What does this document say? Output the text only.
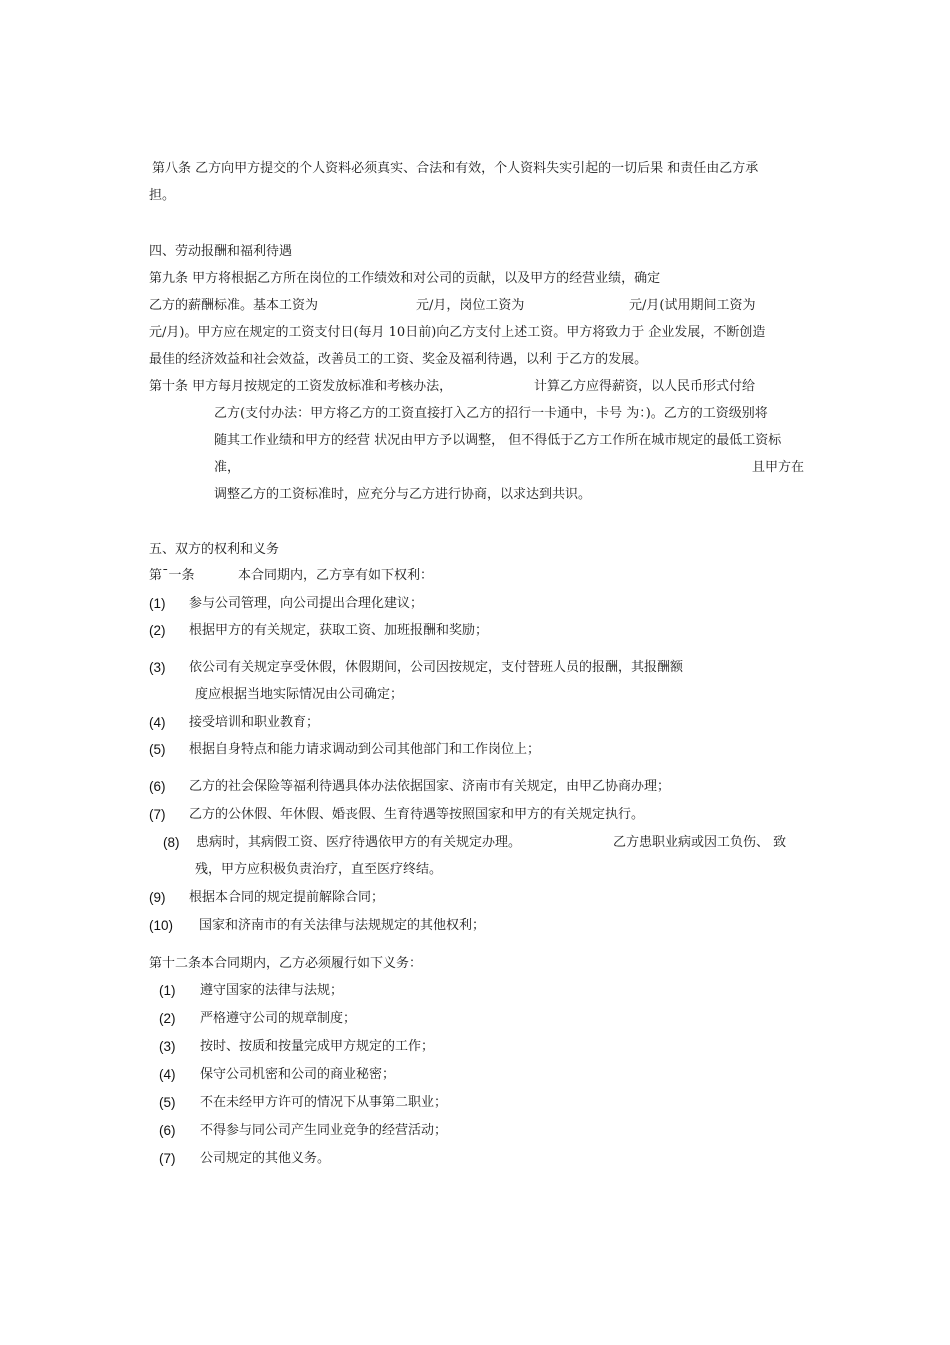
第八条 乙方向甲方提交的个人资料必须真实、合法和有效，个人资料失实引起的一切后果 和责任由乙方承
担。
四、劳动报酬和福利待遇
第九条 甲方将根据乙方所在岗位的工作绩效和对公司的贡献，以及甲方的经营业绩，确定
乙方的薪酬标准。基本工资为	元/月，岗位工资为	元/月(试用期间工资为
元/月)。甲方应在规定的工资支付日(每月 10日前)向乙方支付上述工资。甲方将致力于 企业发展，不断创造
最佳的经济效益和社会效益，改善员工的工资、奖金及福利待遇，以利 于乙方的发展。
第十条 甲方每月按规定的工资发放标准和考核办法，	计算乙方应得薪资，以人民币形式付给
乙方(支付办法：甲方将乙方的工资直接打入乙方的招行一卡通中，卡号 为：)。乙方的工资级别将
随其工作业绩和甲方的经营 状况由甲方予以调整， 但不得低于乙方工作所在城市规定的最低工资标
准，	且甲方在
调整乙方的工资标准时，应充分与乙方进行协商，以求达到共识。
五、双方的权利和义务
第¯一条	本合同期内，乙方享有如下权利：
(1) 参与公司管理，向公司提出合理化建议；
(2) 根据甲方的有关规定，获取工资、加班报酬和奖励；
(3) 依公司有关规定享受休假，休假期间，公司因按规定，支付替班人员的报酬，其报酬额
度应根据当地实际情况由公司确定；
(4) 接受培训和职业教育；
(5) 根据自身特点和能力请求调动到公司其他部门和工作岗位上；
(6) 乙方的社会保险等福利待遇具体办法依据国家、济南市有关规定，由甲乙协商办理；
(7) 乙方的公休假、年休假、婚丧假、生育待遇等按照国家和甲方的有关规定执行。
(8) 患病时，其病假工资、医疗待遇依甲方的有关规定办理。	乙方患职业病或因工负伤、 致
残，甲方应积极负责治疗，直至医疗终结。
(9) 根据本合同的规定提前解除合同；
(10) 国家和济南市的有关法律与法规规定的其他权利；
第十二条本合同期内，乙方必须履行如下义务：
(1) 遵守国家的法律与法规；
(2) 严格遵守公司的规章制度；
(3) 按时、按质和按量完成甲方规定的工作；
(4) 保守公司机密和公司的商业秘密；
(5) 不在未经甲方许可的情况下从事第二职业；
(6) 不得参与同公司产生同业竞争的经营活动；
(7) 公司规定的其他义务。
